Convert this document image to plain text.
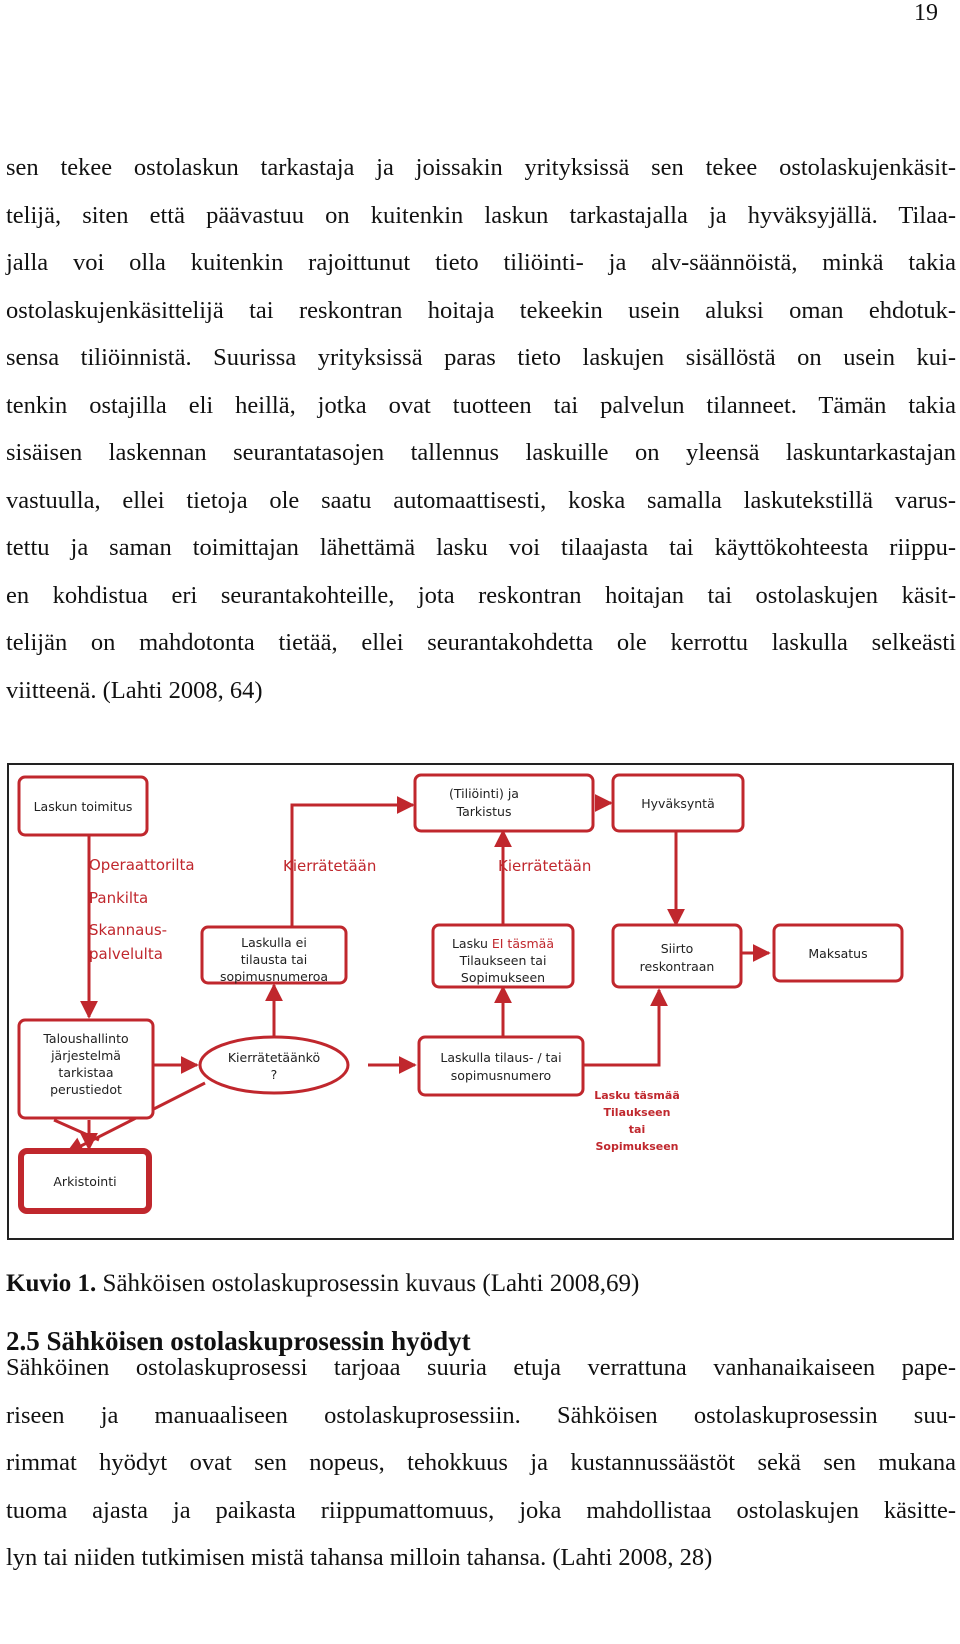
19
sen tekee ostolaskun tarkastaja ja joissakin yrityksissä sen tekee ostolaskujenkäsit-
telijä, siten että päävastuu on kuitenkin laskun tarkastajalla ja hyväksyjällä. Tilaa-
jalla voi olla kuitenkin rajoittunut tieto tiliöinti- ja alv-säännöistä, minkä takia
ostolaskujenkäsittelijä tai reskontran hoitaja tekeekin usein aluksi oman ehdotuk-
sensa tiliöinnistä. Suurissa yrityksissä paras tieto laskujen sisällöstä on usein kui-
tenkin ostajilla eli heillä, jotka ovat tuotteen tai palvelun tilanneet. Tämän takia
sisäisen laskennan seurantatasojen tallennus laskuille on yleensä laskuntarkastajan
vastuulla, ellei tietoja ole saatu automaattisesti, koska samalla laskutekstillä varus-
tettu ja saman toimittajan lähettämä lasku voi tilaajasta tai käyttökohteesta riippu-
en kohdistua eri seurantakohteille, jota reskontran hoitajan tai ostolaskujen käsit-
telijän on mahdotonta tietää, ellei seurantakohdetta ole kerrottu laskulla selkeästi
viitteenä. (Lahti 2008, 64)
Laskun toimitus
(Tiliöinti) ja
Tarkistus
Hyväksyntä
Laskulla ei
tilausta tai
sopimusnumeroa
Lasku EI täsmää
Tilaukseen tai
Sopimukseen
Siirto
reskontraan
Maksatus
Taloushallinto
järjestelmä
tarkistaa
perustiedot
Kierrätetäänkö
?
Laskulla tilaus- / tai
sopimusnumero
Arkistointi
Operaattorilta
Pankilta
Skannaus-
palvelulta
Kierrätetään	Kierrätetään
Lasku täsmää
Tilaukseen
tai
Sopimukseen
Kuvio 1. Sähköisen ostolaskuprosessin kuvaus (Lahti 2008,69)
2.5 Sähköisen ostolaskuprosessin hyödyt
Sähköinen ostolaskuprosessi tarjoaa suuria etuja verrattuna vanhanaikaiseen pape-
riseen ja manuaaliseen ostolaskuprosessiin. Sähköisen ostolaskuprosessin suu-
rimmat hyödyt ovat sen nopeus, tehokkuus ja kustannussäästöt sekä sen mukana
tuoma ajasta ja paikasta riippumattomuus, joka mahdollistaa ostolaskujen käsitte-
lyn tai niiden tutkimisen mistä tahansa milloin tahansa. (Lahti 2008, 28)
